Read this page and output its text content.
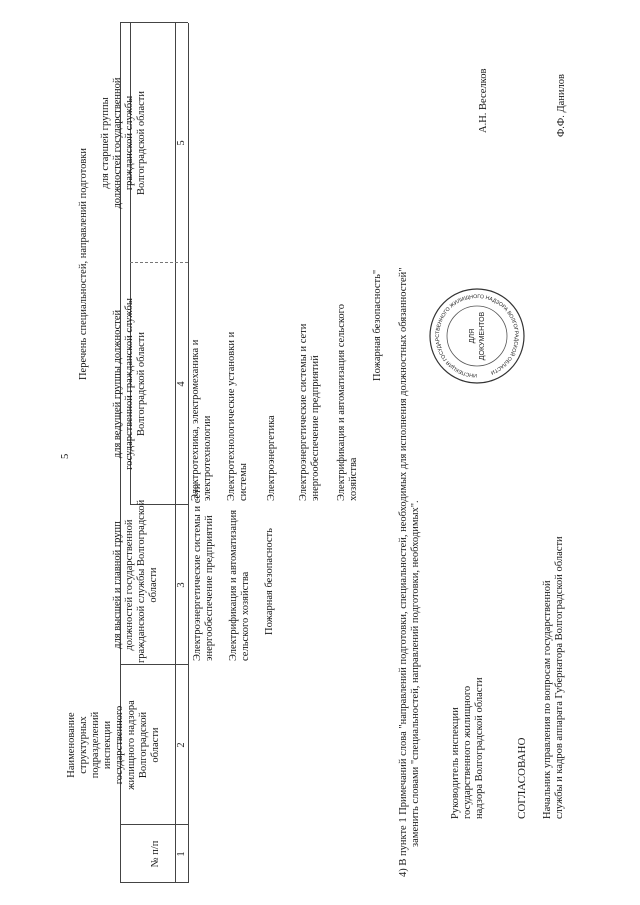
5
№ п/п
Наименование структурных подразделений инспекции государственного жилищного надзора Волгоградской области
Перечень специальностей, направлений подготовки
для высшей и главной групп должностей государственной гражданской службы Волгоградской области
для ведущей группы должностей государственной гражданской службы Волгоградской области
для старшей группы должностей государственной гражданской службы Волгоградской области
1
2
3
4
5
Электроэнергетические системы и сети энергообеспечение предприятий Электрификация и автоматизация сельского хозяйства Пожарная безопасность
Электротехника, электромеханика и электротехнологии Электротехнологические установки и системы Электроэнергетика Электроэнергетические системы и сети энергообеспечение предприятий Электрификация и автоматизация сельского хозяйства
Пожарная безопасность" 4) В пункте 1 Примечаний слова "направлений подготовки, специальностей, необходимых для исполнения должностных обязанностей" заменить словами "специальностей, направлений подготовки, необходимых".	Руководитель инспекции государственного жилищного надзора Волгоградской области
А.Н. Веселков
СОГЛАСОВАНО Начальник управления по вопросам государственной службы и кадров аппарата Губернатора Волгоградской области
Ф.Ф. Данилов
ИНСПЕКЦИЯ ГОСУДАРСТВЕННОГО ЖИЛИЩНОГО НАДЗОРА ВОЛГОГРАДСКОЙ ОБЛАСТИ
ДЛЯ ДОКУМЕНТОВ
